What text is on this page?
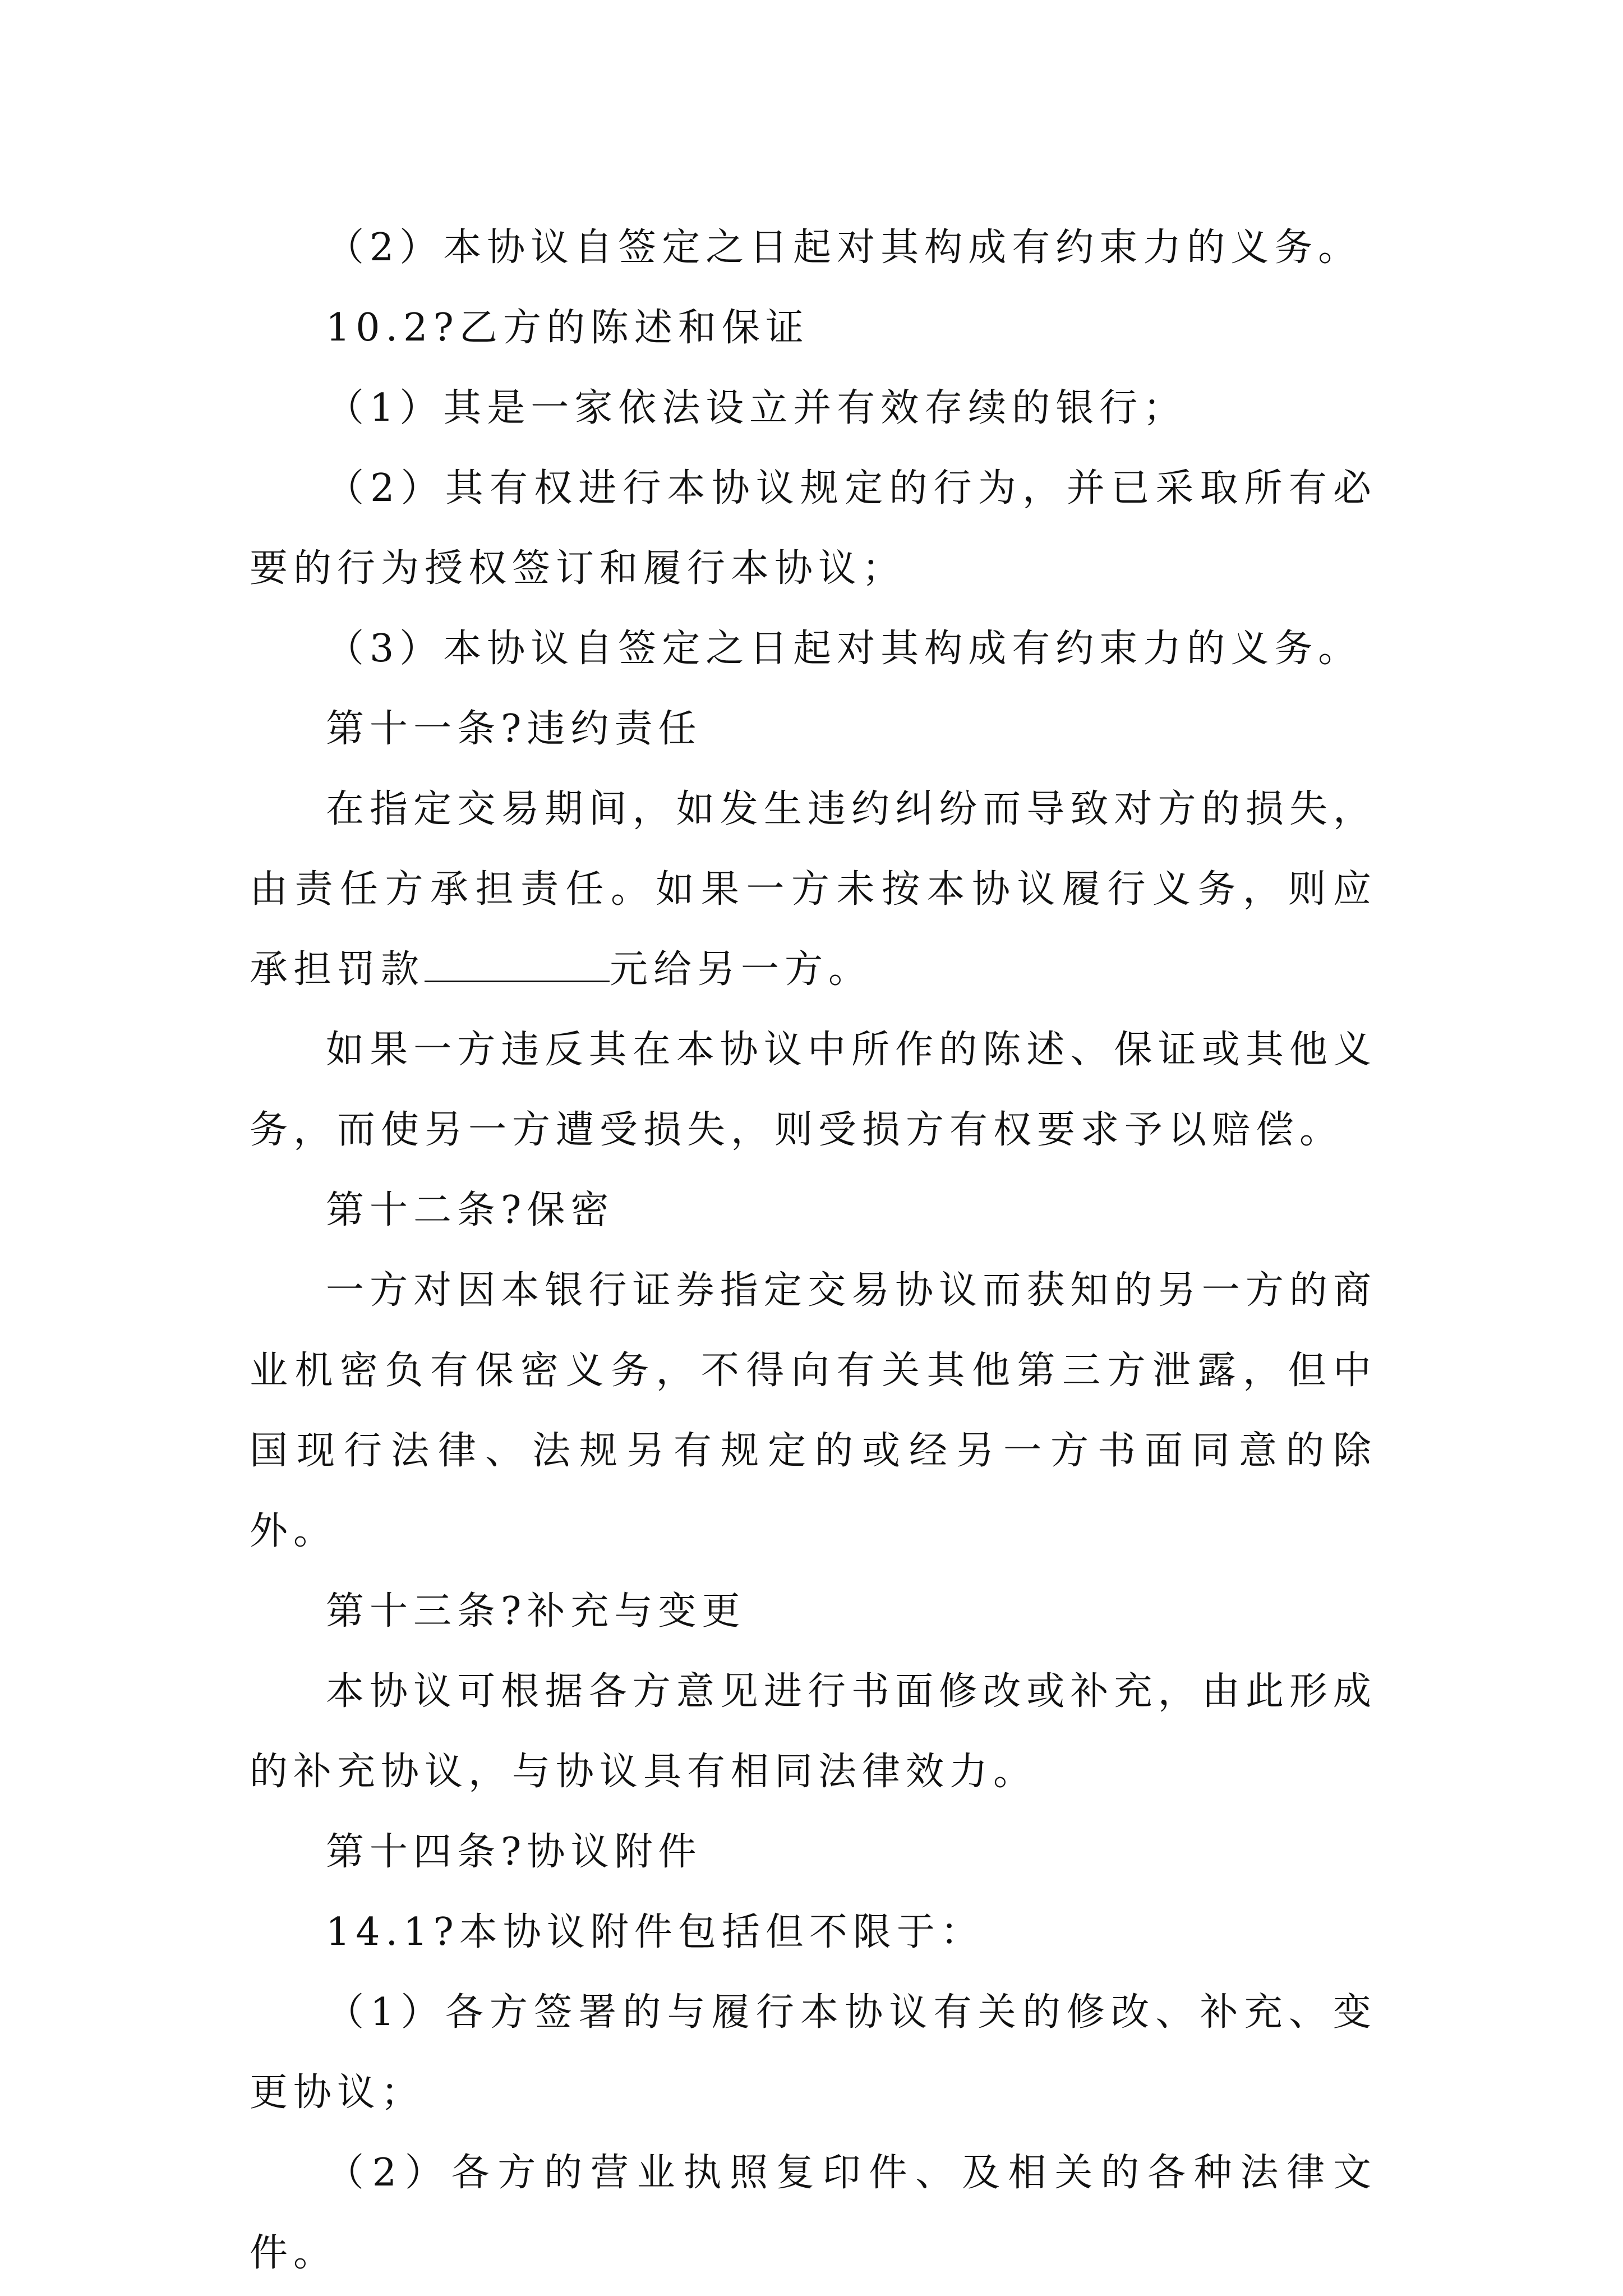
（2）本协议自签定之日起对其构成有约束力的义务。

10.2?乙方的陈述和保证

（1）其是一家依法设立并有效存续的银行；

（2）其有权进行本协议规定的行为，并已采取所有必要的行为授权签订和履行本协议；

（3）本协议自签定之日起对其构成有约束力的义务。

第十一条?违约责任

在指定交易期间，如发生违约纠纷而导致对方的损失，由责任方承担责任。如果一方未按本协议履行义务，则应承担罚款	元给另一方。

如果一方违反其在本协议中所作的陈述、保证或其他义务，而使另一方遭受损失，则受损方有权要求予以赔偿。

第十二条?保密

一方对因本银行证券指定交易协议而获知的另一方的商业机密负有保密义务，不得向有关其他第三方泄露，但中国现行法律、法规另有规定的或经另一方书面同意的除外。

第十三条?补充与变更

本协议可根据各方意见进行书面修改或补充，由此形成的补充协议，与协议具有相同法律效力。

第十四条?协议附件

14.1?本协议附件包括但不限于：

（1）各方签署的与履行本协议有关的修改、补充、变更协议；

（2）各方的营业执照复印件、及相关的各种法律文件。
